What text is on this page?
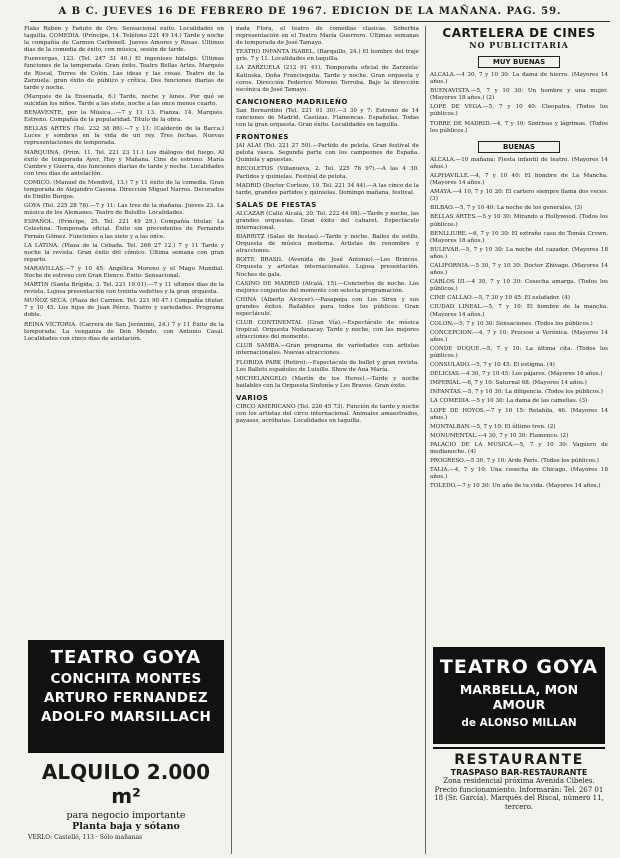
A B C. JUEVES 16 DE FEBRERO DE 1967. EDICION DE LA MAÑANA. PAG. 59.

Flaks Rubén y Fañuto de Oro. Sensacional éxito. Localidades en taquilla. COMEDIA. (Príncipe, 14. Teléfono 221 49 14.) Tarde y noche la compañía de Carmen Carbonell. Jueves Amores y Rosas. Últimos días de la comedia de éxito, con música, sesión de tarde.

Fuenvergas, 123. (Tel. 247 31 40.) El ingenioso hidalgo. Últimas funciones de la temporada. Gran éxito. Teatro Bellas Artes. Marqués de Riscal, Torres de Colón. Las ideas y las cosas. Teatro de la Zarzuela: gran éxito de público y crítica. Dos funciones diarias de tarde y noche.

(Marqués de la Ensenada, 6.) Tarde, noche y lunes. Por qué se suicidan los niños. Tarde a las siete, noche a las once menos cuarto.

BENAVENTE, por la Música...—7 y 11 13. Fianza. 14. Marqués. Estreno. Compañía de la popularidad. Título de la obra.

BELLAS ARTES (Tel. 232 38 86).—7 y 11: (Calderón de la Barca.) Luces y sombras en la vida de un rey. Tres fechas. Nuevas representaciones de temporada.

MARQUINA. (Prim. 11. Tel. 221 23 11.) Los diálogos del fuego. Al éxito de temporada Ayer, Hoy y Mañana. Cine de estreno. María Cumbre y Guerra, dos funciones diarias de tarde y noche. Localidades con tres días de antelación.

COMICO. (Manuel de Mendivil, 13.) 7 y 11 éxito de la comedia. Gran temporada de Alejandro Casona. Dirección Miguel Narros. Decorados de Emilio Burgos.

GOYA (Tel. 225 28 78).—7 y 11: Las tres de la mañana. Jueves 23. La música de los Alemanes. Teatro de Bolsillo. Localidades.

ESPAÑOL. (Príncipe, 25. Tel. 221 49 29.) Compañía titular. La Celestina. Temporada oficial. Éxito sin precedentes de Fernando Fernán Gómez. Funciones a las siete y a las once.

LA LATINA. (Plaza de la Cebada. Tel. 266 27 12.) 7 y 11 Tarde y noche la revista. Gran éxito del cómico. Última semana con gran reparto.

MARAVILLAS.—7 y 10 45: Angélica Moreno y el Mago Mundial. Noche de estreno con Gran Elenco. Éxito: Sensacional.

MARTIN (Santa Brígida, 3. Tel. 221 19 01).—7 y 11 ultimos días de la revista. Lujosa presentación con treinta vedettes y la gran orquesta.

MUÑOZ SECA. (Plaza del Carmen. Tel. 221 90 47.) Compañía titular. 7 y 10 45. Los hijos de Juan Pérez. Teatro y variedades. Programa doble.

REINA VICTORIA. (Carrera de San Jerónimo, 24.) 7 y 11 Éxito de la temporada: La venganza de Don Mendo, con Antonio Casal. Localidades con cinco días de antelación.

TEATRO GOYA
CONCHITA MONTES
ARTURO FERNANDEZ
ADOLFO MARSILLACH
ALQUILO 2.000 m²
para negocio importante
Planta baja y sótano
VERLO: Castelló, 113 · Sólo mañanas

nada Flora, el teatro de comedias clásicas. Soberbia representación en el Teatro María Guerrero. Últimas semanas de temporada de José Tamayo.

TEATRO INFANTA ISABEL. (Barquillo, 24.) El hombre del traje gris. 7 y 11. Localidades en taquilla.

LA ZARZUELA (212 91 41). Temporada oficial de Zarzuela: Katiuska, Doña Francisquita. Tarde y noche. Gran orquesta y coros. Dirección Federico Moreno Torroba. Bajo la dirección escénica de José Tamayo.

CANCIONERO MADRILEÑO

San Bernardino (Tel. 221 91 30).—3 30 y 7: Estreno de 14 canciones de Madrid. Castizas. Flamencas. Españolas. Todas con la gran orquesta. Gran éxito. Localidades en taquilla.

FRONTONES

JAI ALAI (Tel. 221 27 50).—Partido de pelota. Gran festival de pelota vasca. Segunda parte con los campeones de España. Quiniela y apuestas.

RECOLETOS (Villanueva, 2. Tel. 225 76 97).—A las 4 30. Partidos y quinielas. Festival de pelota.

MADRID (Doctor Cortezo, 10. Tel. 221 34 44).—A las cinco de la tarde, grandes partidos y quinielas. Domingo mañana, festival.

SALAS DE FIESTAS

ALCAZAR (Calle Alcalá, 20. Tel. 222 44 08).—Tarde y noche, las grandes orquestas. Gran éxito del cabaret. Espectáculo internacional.

BIARRITZ (Salas de fiestas).—Tarde y noche. Bailes de estilo. Orquesta de música moderna. Artistas de renombre y atracciones.

BOITE BRASIL (Avenida de José Antonio).—Los Brincos. Orquesta y artistas internacionales. Lujosa presentación. Noches de gala.

CASINO DE MADRID (Alcalá, 15).—Conciertos de noche. Los mejores conjuntos del momento con selecta programación.

CHINA (Alberto Alcocer).—Pasapoga con Los Sirex y sus grandes éxitos. Bailables para todos los públicos. Gran espectáculo.

CLUB CONTINENTAL (Gran Vía).—Espectáculo de música tropical. Orquesta Nodanacay. Tarde y noche, con las mejores atracciones del momento.

CLUB SAMBA.—Gran programa de variedades con artistas internacionales. Nuevas atracciones.

FLORIDA PARK (Retiro).—Espectáculo de ballet y gran revista. Los Ballets españoles de Luisillo. Show de Ana María.

MICHELANGELO (Martín de los Heros).—Tarde y noche bailables con la Orquesta Sinfonía y Los Bravos. Gran éxito.

VARIOS

CIRCO AMERICANO (Tel. 226 45 73). Función de tarde y noche con los artistas del circo internacional. Animales amaestrados, payasos, acróbatas. Localidades en taquilla.

CARTELERA DE CINES
NO PUBLICITARIA
MUY BUENAS

ALCALA.—4 30, 7 y 10 30: La dama de hierro. (Mayores 14 años.)

BUENAVISTA.—5, 7 y 10 30: Un hombre y una mujer. (Mayores 18 años.) (2)

LOPE DE VEGA.—5, 7 y 10 40: Cleopatra. (Todos los públicos.)

TORRE DE MADRID.—4, 7 y 10: Sonrisas y lágrimas. (Todos los públicos.)

BUENAS

ALCALA.—10 mañana: Fiesta infantil de teatro. (Mayores 14 años.)

ALPHAVILLE.—4, 7 y 10 40: El hombre de La Mancha. (Mayores 14 años.)

AMAYA.—4 10, 7 y 10 20: El cartero siempre llama dos veces. (3)

BILBAO.—5, 7 y 10 40: La noche de los generales. (3)

BELLAS ARTES.—5 y 10 30: Mirando a Hollywood. (Todos los públicos.)

BENLLIURE.—6, 7 y 10 30: El extraño caso de Tomás Crown. (Mayores 18 años.)

BULEVAR.—5, 7 y 10 30: La noche del cazador. (Mayores 18 años.)

CALIFORNIA.—5 30, 7 y 10 30: Doctor Zhivago. (Mayores 14 años.)

CARLOS III.—4 30, 7 y 10 30: Cosecha amarga. (Todos los públicos.)

CINE CALLAO.—5, 7 30 y 10 45: El estafador. (4)

CIUDAD LINEAL.—5, 7 y 10: El hombre de la mancha. (Mayores 14 años.)

COLON.—5, 7 y 10 30: Sensaciones. (Todos los públicos.)

CONCEPCION.—4, 7 y 10: Proceso a Verónica. (Mayores 14 años.)

CONDE DUQUE.—5, 7 y 10: La última cita. (Todos los públicos.)

CONSULADO.—5, 7 y 10 45: El estigma. (4)

DELICIAS.—4 30, 7 y 10 45: Los pájaros. (Mayores 18 años.)

IMPERIAL.—6, 7 y 10: Saturnal 68. (Mayores 14 años.)

INFANTAS.—5, 7 y 10 30: La diligencia. (Todos los públicos.)

LA COMEDIA.—5 y 10 30: La dama de las camelias. (3)

LOPE DE HOYOS.—7 y 10 15: Retahíla, 46. (Mayores 14 años.)

MONTALBAN.—5, 7 y 10: El último tren. (2)

MONUMENTAL.—4 30, 7 y 10 30: Flamenco. (2)

PALACIO DE LA MUSICA.—5, 7 y 10 30: Vaquero de medianoche. (4)

PROGRESO.—5 30, 7 y 10: Arde París. (Todos los públicos.)

TALIA.—4, 7 y 10: Una cosecha de Chicago. (Mayores 18 años.)

TOLEDO.—7 y 10 30: Un año de tu vida. (Mayores 14 años.)

TEATRO GOYA
MARBELLA, MON AMOUR
de ALONSO MILLAN
RESTAURANTE
TRASPASO BAR-RESTAURANTE
Zona residencial próxima Avenida Cibeles. Precio funcionamiento. Informarán: Tel. 267 01 18 (Sr. García). Marqués del Riscal, número 11, tercero.
